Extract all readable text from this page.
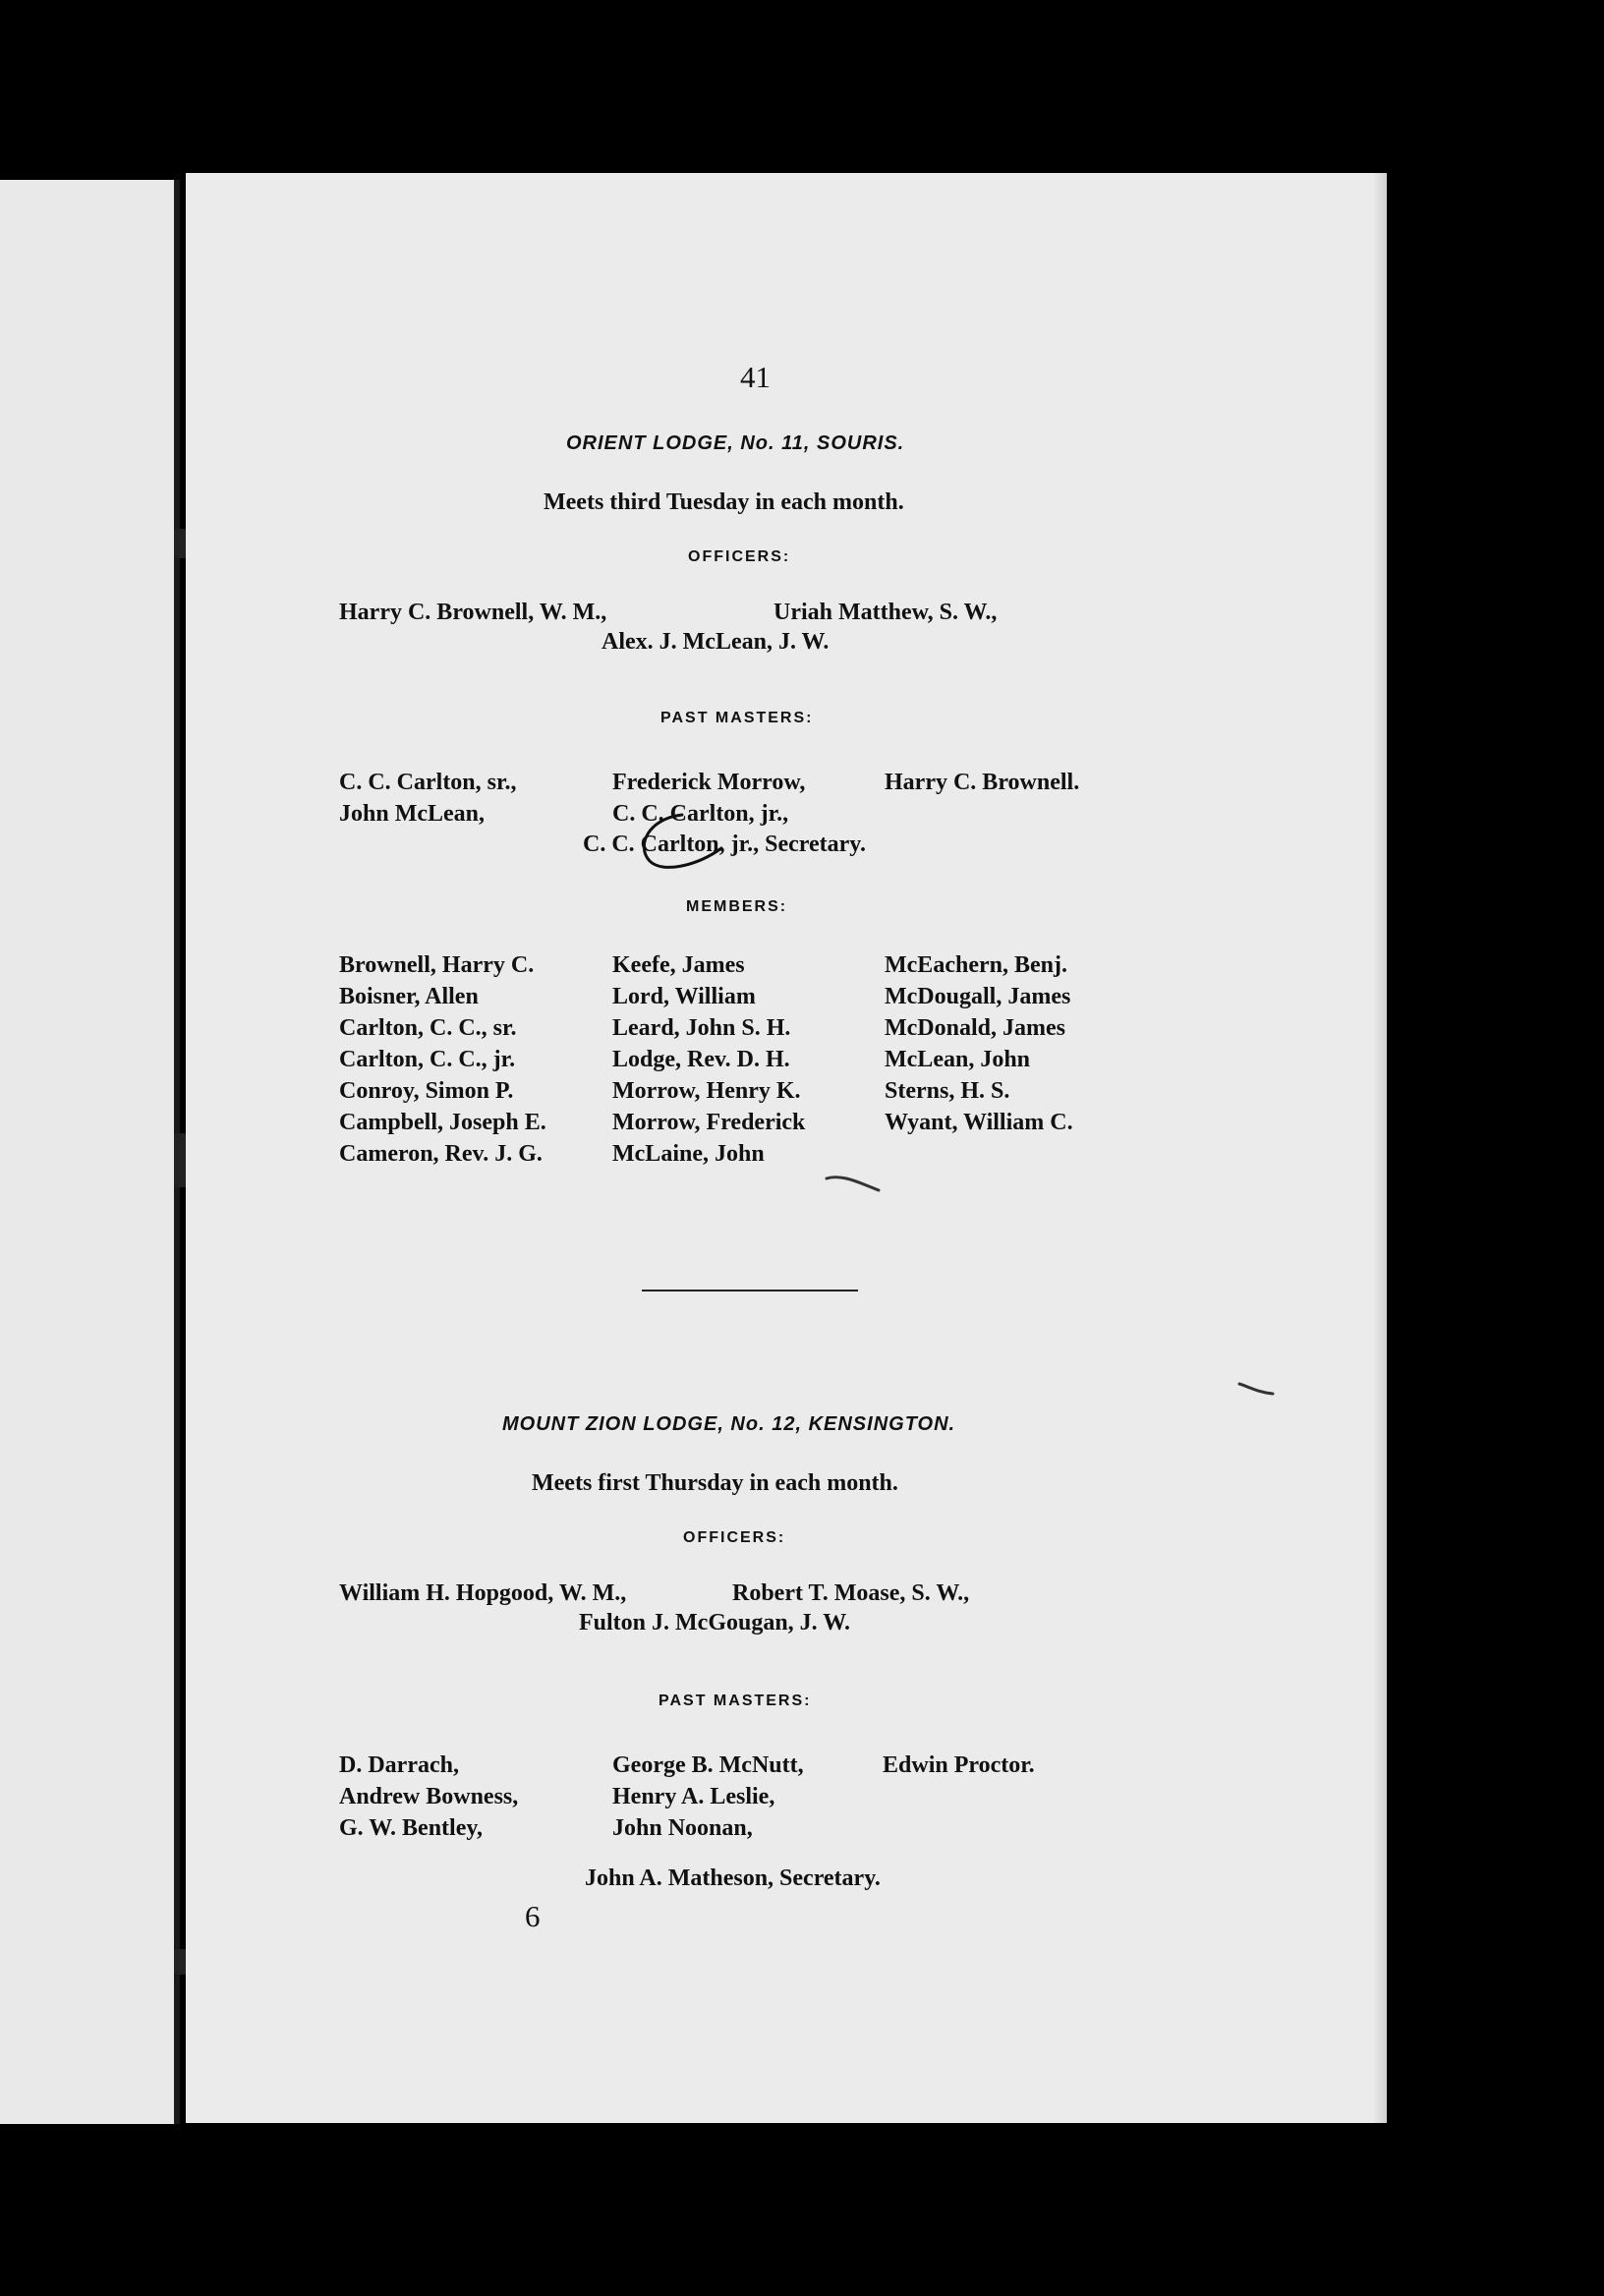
41
ORIENT LODGE, No. 11, SOURIS.
Meets third Tuesday in each month.
OFFICERS:
Harry C. Brownell, W. M.,	Uriah Matthew, S. W.,
Alex. J. McLean, J. W.
PAST MASTERS:
C. C. Carlton, sr.,
John McLean,
Frederick Morrow,
C. C. Carlton, jr.,
Harry C. Brownell.
C. C. Carlton, jr., Secretary.
MEMBERS:
Brownell, Harry C.
Boisner, Allen
Carlton, C. C., sr.
Carlton, C. C., jr.
Conroy, Simon P.
Campbell, Joseph E.
Cameron, Rev. J. G.
Keefe, James
Lord, William
Leard, John S. H.
Lodge, Rev. D. H.
Morrow, Henry K.
Morrow, Frederick
McLaine, John
McEachern, Benj.
McDougall, James
McDonald, James
McLean, John
Sterns, H. S.
Wyant, William C.
MOUNT ZION LODGE, No. 12, KENSINGTON.
Meets first Thursday in each month.
OFFICERS:
William H. Hopgood, W. M.,	Robert T. Moase, S. W.,
Fulton J. McGougan, J. W.
PAST MASTERS:
D. Darrach,
Andrew Bowness,
G. W. Bentley,
George B. McNutt,
Henry A. Leslie,
John Noonan,
Edwin Proctor.
John A. Matheson, Secretary.
6
